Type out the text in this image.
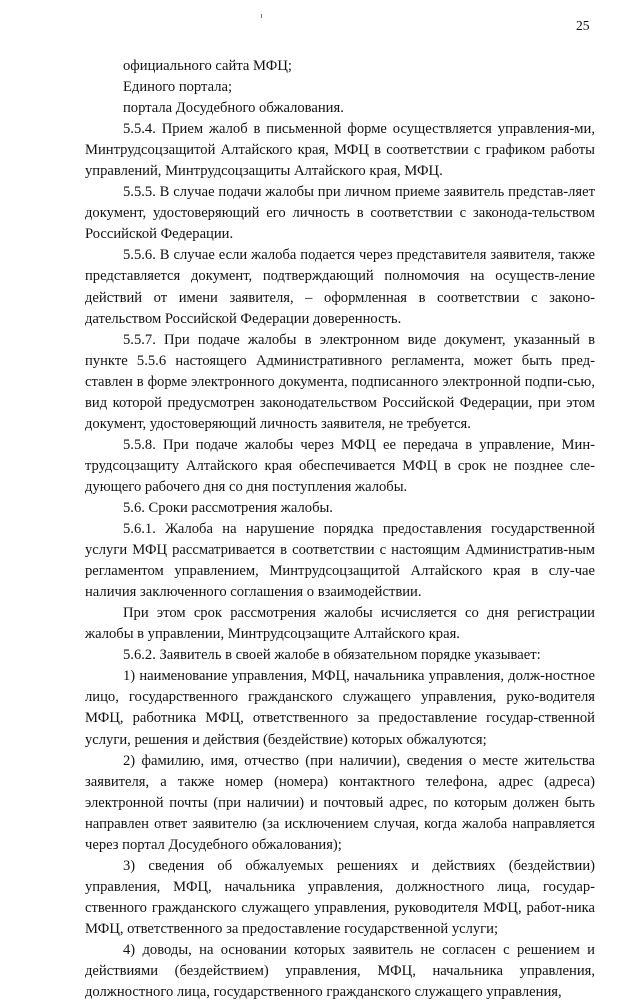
25

официального сайта МФЦ;

Единого портала;

портала Досудебного обжалования.

5.5.4. Прием жалоб в письменной форме осуществляется управления-ми, Минтрудсоцзащитой Алтайского края, МФЦ в соответствии с графиком работы управлений, Минтрудсоцзащиты Алтайского края, МФЦ.

5.5.5. В случае подачи жалобы при личном приеме заявитель представ-ляет документ, удостоверяющий его личность в соответствии с законода-тельством Российской Федерации.

5.5.6. В случае если жалоба подается через представителя заявителя, также представляется документ, подтверждающий полномочия на осуществ-ление действий от имени заявителя, – оформленная в соответствии с законо-дательством Российской Федерации доверенность.

5.5.7. При подаче жалобы в электронном виде документ, указанный в пункте 5.5.6 настоящего Административного регламента, может быть пред-ставлен в форме электронного документа, подписанного электронной подпи-сью, вид которой предусмотрен законодательством Российской Федерации, при этом документ, удостоверяющий личность заявителя, не требуется.

5.5.8. При подаче жалобы через МФЦ ее передача в управление, Мин-трудсоцзащиту Алтайского края обеспечивается МФЦ в срок не позднее сле-дующего рабочего дня со дня поступления жалобы.

5.6. Сроки рассмотрения жалобы.

5.6.1. Жалоба на нарушение порядка предоставления государственной услуги МФЦ рассматривается в соответствии с настоящим Административ-ным регламентом управлением, Минтрудсоцзащитой Алтайского края в слу-чае наличия заключенного соглашения о взаимодействии.

При этом срок рассмотрения жалобы исчисляется со дня регистрации жалобы в управлении, Минтрудсоцзащите Алтайского края.

5.6.2. Заявитель в своей жалобе в обязательном порядке указывает:

1) наименование управления, МФЦ, начальника управления, долж-ностное лицо, государственного гражданского служащего управления, руко-водителя МФЦ, работника МФЦ, ответственного за предоставление государ-ственной услуги, решения и действия (бездействие) которых обжалуются;

2) фамилию, имя, отчество (при наличии), сведения о месте жительства заявителя, а также номер (номера) контактного телефона, адрес (адреса) электронной почты (при наличии) и почтовый адрес, по которым должен быть направлен ответ заявителю (за исключением случая, когда жалоба направляется через портал Досудебного обжалования);

3) сведения об обжалуемых решениях и действиях (бездействии) управления, МФЦ, начальника управления, должностного лица, государ-ственного гражданского служащего управления, руководителя МФЦ, работ-ника МФЦ, ответственного за предоставление государственной услуги;

4) доводы, на основании которых заявитель не согласен с решением и действиями (бездействием) управления, МФЦ, начальника управления, должностного лица, государственного гражданского служащего управления,
